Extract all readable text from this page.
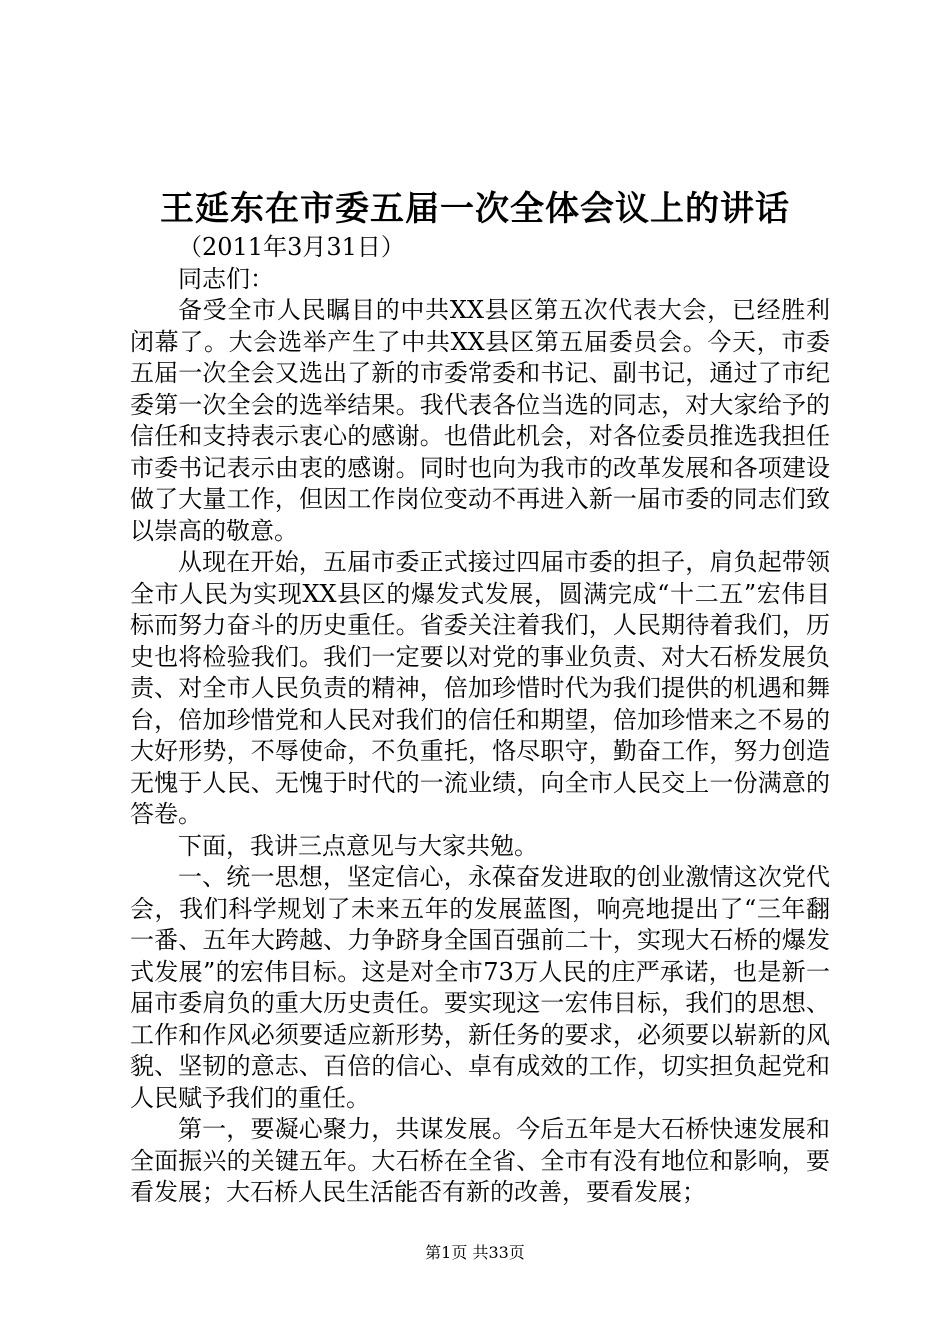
王延东在市委五届一次全体会议上的讲话

（2011年3月31日）

同志们：

备受全市人民瞩目的中共XX县区第五次代表大会，已经胜利闭幕了。大会选举产生了中共XX县区第五届委员会。今天，市委五届一次全会又选出了新的市委常委和书记、副书记，通过了市纪委第一次全会的选举结果。我代表各位当选的同志，对大家给予的信任和支持表示衷心的感谢。也借此机会，对各位委员推选我担任市委书记表示由衷的感谢。同时也向为我市的改革发展和各项建设做了大量工作，但因工作岗位变动不再进入新一届市委的同志们致以崇高的敬意。

从现在开始，五届市委正式接过四届市委的担子，肩负起带领全市人民为实现XX县区的爆发式发展，圆满完成“十二五”宏伟目标而努力奋斗的历史重任。省委关注着我们，人民期待着我们，历史也将检验我们。我们一定要以对党的事业负责、对大石桥发展负责、对全市人民负责的精神，倍加珍惜时代为我们提供的机遇和舞台，倍加珍惜党和人民对我们的信任和期望，倍加珍惜来之不易的大好形势，不辱使命，不负重托，恪尽职守，勤奋工作，努力创造无愧于人民、无愧于时代的一流业绩，向全市人民交上一份满意的答卷。

下面，我讲三点意见与大家共勉。

一、统一思想，坚定信心，永葆奋发进取的创业激情这次党代会，我们科学规划了未来五年的发展蓝图，响亮地提出了“三年翻一番、五年大跨越、力争跻身全国百强前二十，实现大石桥的爆发式发展”的宏伟目标。这是对全市73万人民的庄严承诺，也是新一届市委肩负的重大历史责任。要实现这一宏伟目标，我们的思想、工作和作风必须要适应新形势，新任务的要求，必须要以崭新的风貌、坚韧的意志、百倍的信心、卓有成效的工作，切实担负起党和人民赋予我们的重任。

第一，要凝心聚力，共谋发展。今后五年是大石桥快速发展和全面振兴的关键五年。大石桥在全省、全市有没有地位和影响，要看发展；大石桥人民生活能否有新的改善，要看发展；

第1页 共33页
